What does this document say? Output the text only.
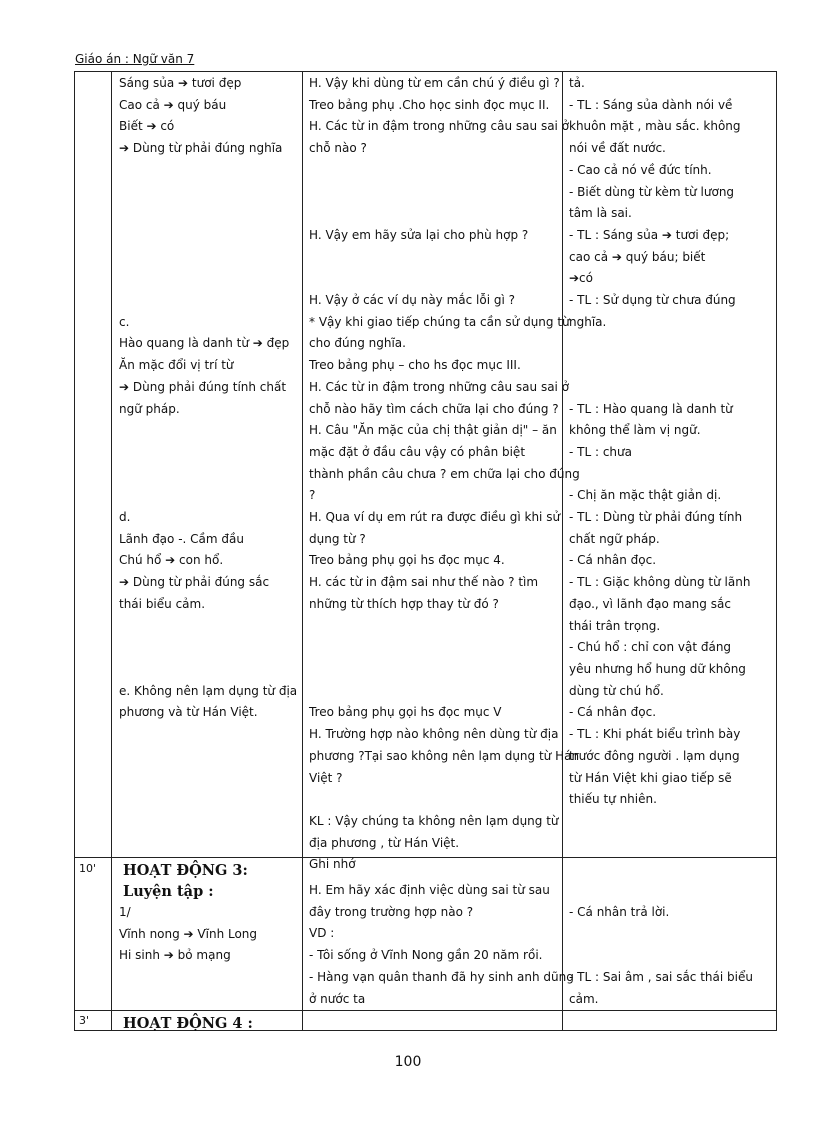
Giáo án : Ngữ văn 7
Sáng sủa ➔ tươi đẹp
Cao cả ➔ quý báu
Biết ➔ có
➔ Dùng từ phải đúng nghĩa

c.
Hào quang là danh từ ➔ đẹp
Ăn mặc đổi vị trí từ
➔ Dùng phải đúng tính chất
ngữ pháp.

d.
Lãnh đạo -. Cầm đầu
Chú hổ ➔ con hổ.
➔ Dùng từ phải đúng sắc
thái biểu cảm.

e. Không nên lạm dụng từ địa
phương và từ Hán Việt.
H. Vậy khi dùng từ em cần chú ý điều gì ?
Treo bảng phụ .Cho học sinh đọc mục II.
H. Các từ in đậm trong những câu sau sai ở
chỗ nào ?

H. Vậy em hãy sửa lại cho phù hợp ?

H. Vậy ở các ví dụ này mắc lỗi gì ?
* Vậy khi giao tiếp chúng ta cần sử dụng từ
cho đúng nghĩa.
Treo bảng phụ – cho hs đọc mục III.
H. Các từ in đậm trong những câu sau sai ở
chỗ nào hãy tìm cách chữa lại cho đúng ?
H. Câu "Ăn mặc của chị thật giản dị" – ăn
mặc đặt ở đầu câu vậy có phân biệt
thành phần câu chưa ? em chữa lại cho đúng
?
H. Qua ví dụ em rút ra được điều gì khi sử
dụng từ ?
Treo bảng phụ gọi hs đọc mục 4.
H. các từ in đậm sai như thế nào ? tìm
những từ thích hợp thay từ đó ?

Treo bảng phụ gọi hs đọc mục V
H. Trường hợp nào không nên dùng từ địa
phương ?Tại sao không nên lạm dụng từ Hán
Việt ?

KL : Vậy chúng ta không nên lạm dụng từ
địa phương , từ Hán Việt.
Ghi nhớ
tả.
- TL : Sáng sủa dành nói về
khuôn mặt , màu sắc. không
nói về đất nước.
- Cao cả nó về đức tính.
- Biết dùng từ kèm từ lương
tâm là sai.
- TL : Sáng sủa ➔ tươi đẹp;
cao cả ➔ quý báu; biết
➔có
- TL : Sử dụng từ chưa đúng
nghĩa.

- TL : Hào quang là danh từ
không thể làm vị ngữ.
- TL : chưa

- Chị ăn mặc thật giản dị.
- TL : Dùng từ phải đúng tính
chất ngữ pháp.
- Cá nhân đọc.
- TL : Giặc không dùng từ lãnh
đạo., vì lãnh đạo mang sắc
thái trân trọng.
- Chú hổ : chỉ con vật đáng
yêu nhưng hổ hung dữ không
dùng từ chú hổ.
- Cá nhân đọc.
- TL : Khi phát biểu trình bày
trước đông người . lạm dụng
từ Hán Việt khi giao tiếp sẽ
thiếu tự nhiên.
10' HOẠT ĐỘNG 3:
Luyện tập :
1/
Vĩnh nong ➔ Vĩnh Long
Hi sinh ➔ bỏ mạng
H. Em hãy xác định việc dùng sai từ sau
đây trong trường hợp nào ?
VD :
- Tôi sống ở Vĩnh Nong gần 20 năm rồi.
- Hàng vạn quân thanh đã hy sinh anh dũng
ở nước ta

- Cá nhân trả lời.

- TL : Sai âm , sai sắc thái biểu
cảm.
3' HOẠT ĐỘNG 4 :
100
